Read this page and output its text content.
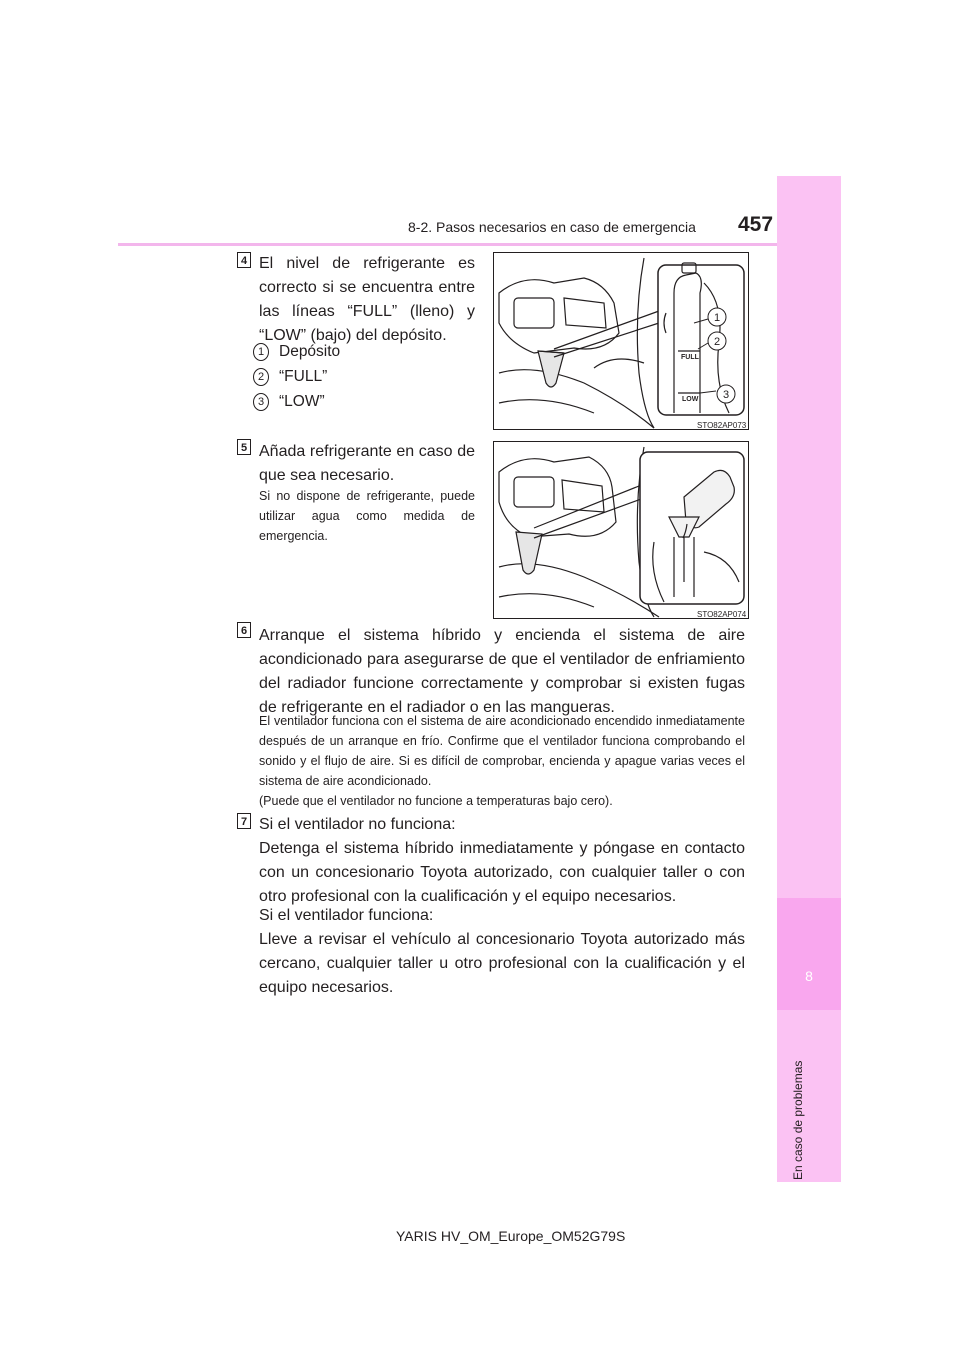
8-2. Pasos necesarios en caso de emergencia 457
8
En caso de problemas
4 El nivel de refrigerante es correcto si se encuentra entre las líneas “FULL” (lleno) y “LOW” (bajo) del depósito.
1 Depósito
2 “FULL”
3 “LOW”
FULL
LOW
1
2
3
STO82AP073
5 Añada refrigerante en caso de que sea necesario.
Si no dispone de refrigerante, puede utilizar agua como medida de emergencia.
STO82AP074
6 Arranque el sistema híbrido y encienda el sistema de aire acondicionado para asegurarse de que el ventilador de enfriamiento del radiador funcione correctamente y comprobar si existen fugas de refrigerante en el radiador o en las mangueras.
El ventilador funciona con el sistema de aire acondicionado encendido inmediatamente después de un arranque en frío. Confirme que el ventilador funciona comprobando el sonido y el flujo de aire. Si es difícil de comprobar, encienda y apague varias veces el sistema de aire acondicionado.
(Puede que el ventilador no funcione a temperaturas bajo cero).
7 Si el ventilador no funciona:
Detenga el sistema híbrido inmediatamente y póngase en contacto con un concesionario Toyota autorizado, con cualquier taller o con otro profesional con la cualificación y el equipo necesarios.
Si el ventilador funciona:
Lleve a revisar el vehículo al concesionario Toyota autorizado más cercano, cualquier taller u otro profesional con la cualificación y el equipo necesarios.
YARIS HV_OM_Europe_OM52G79S
